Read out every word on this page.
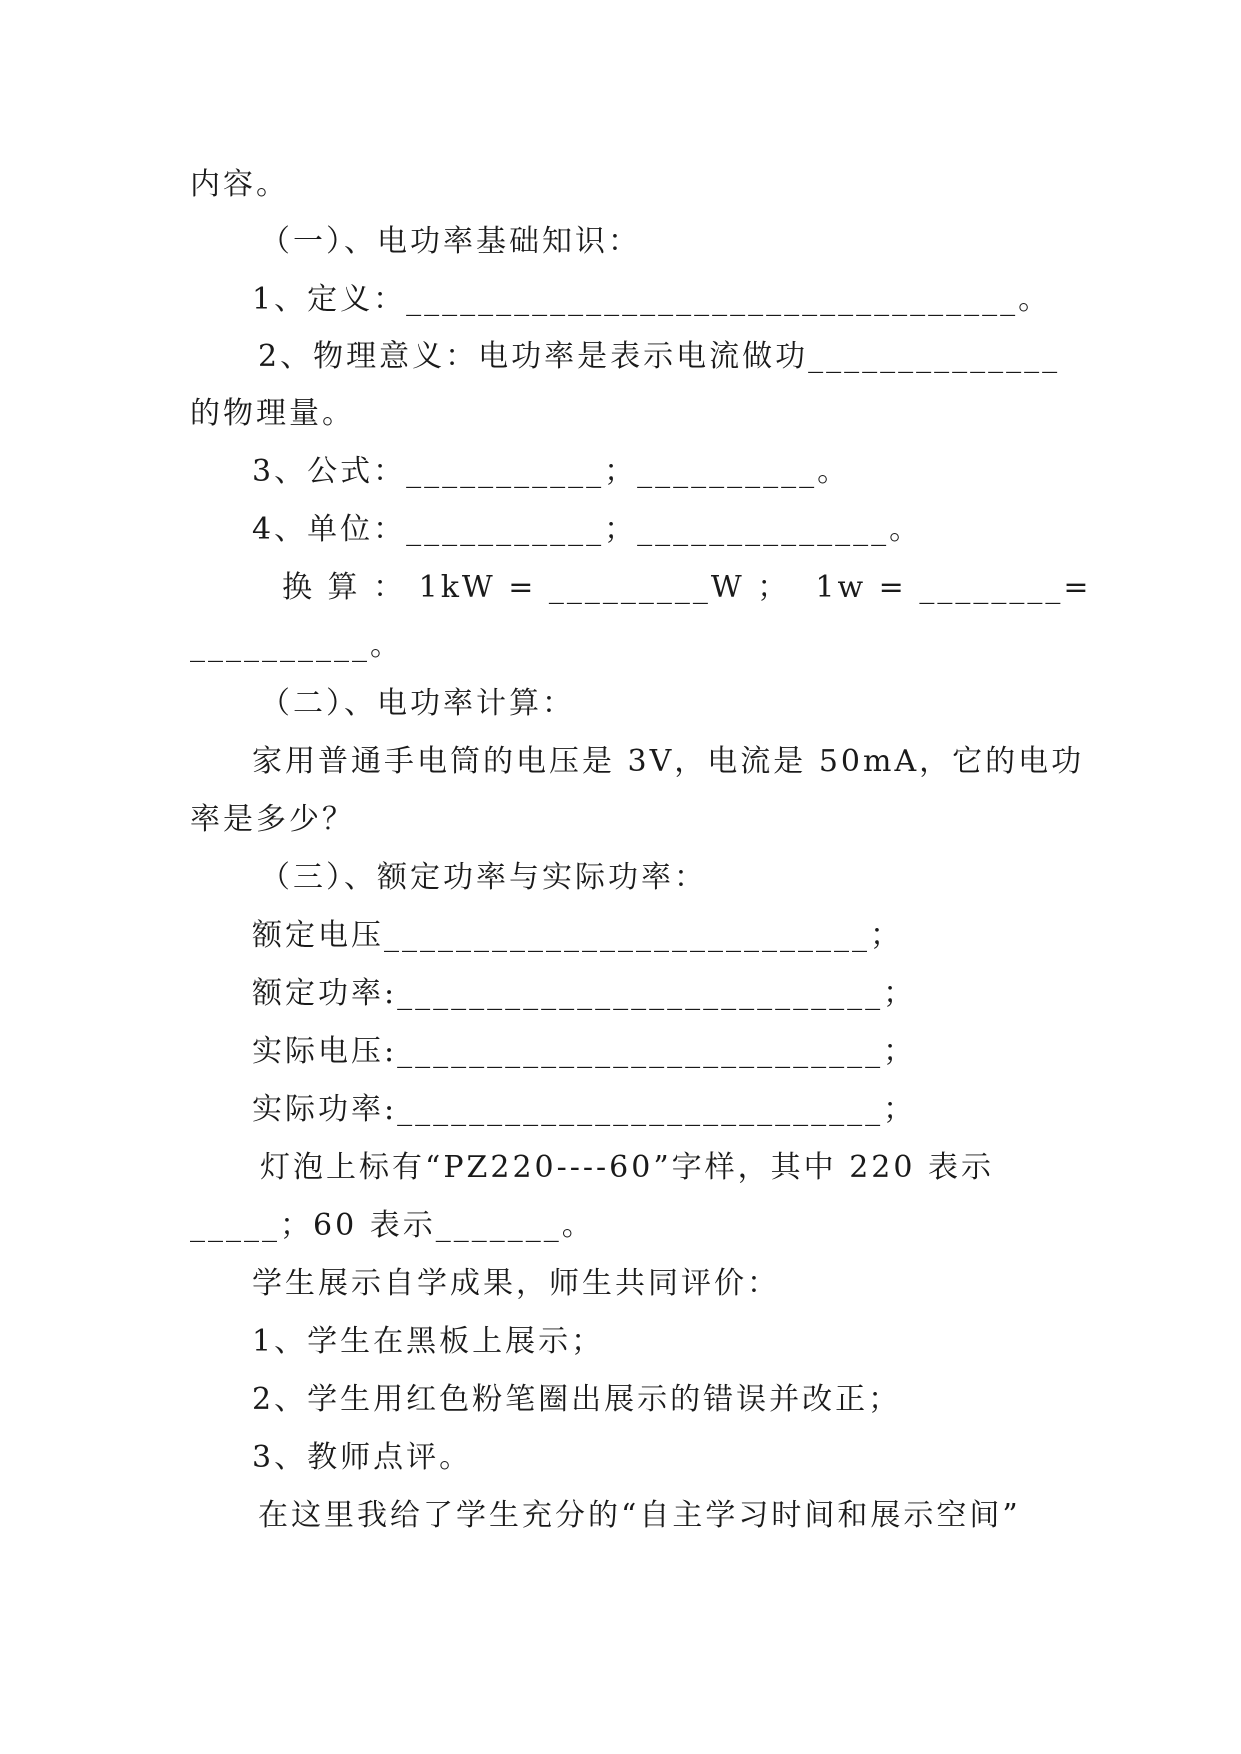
内容。
（一）、电功率基础知识：
1、定义：__________________________________。
2、物理意义：电功率是表示电流做功______________
的物理量。
3、公式：___________；__________。
4、单位：___________；______________。
换 算 ： 1kW = _________W ；  1w = ________=
__________。
（二）、电功率计算：
家用普通手电筒的电压是 3V，电流是 50mA，它的电功
率是多少？
（三）、额定功率与实际功率：
额定电压___________________________；
额定功率:___________________________；
实际电压:___________________________；
实际功率:___________________________；
灯泡上标有“PZ220----60”字样，其中 220 表示
_____；60 表示_______。
学生展示自学成果，师生共同评价：
1、学生在黑板上展示；
2、学生用红色粉笔圈出展示的错误并改正；
3、教师点评。
在这里我给了学生充分的“自主学习时间和展示空间”
